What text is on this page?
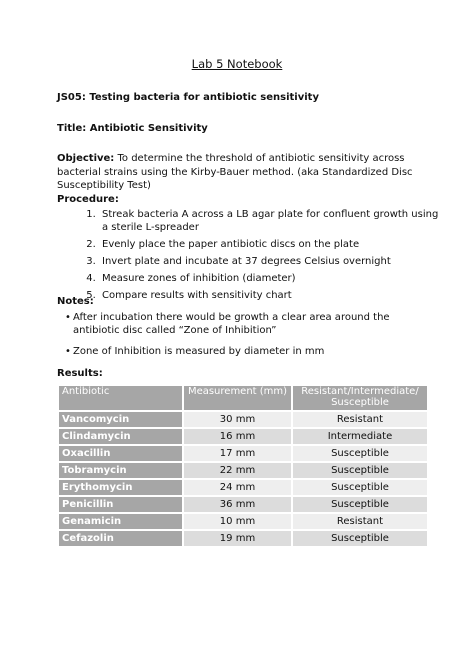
Lab 5 Notebook
JS05: Testing bacteria for antibiotic sensitivity
Title: Antibiotic Sensitivity
Objective: To determine the threshold of antibiotic sensitivity across bacterial strains using the Kirby-Bauer method. (aka Standardized Disc Susceptibility Test)
Procedure:
1. Streak bacteria A across a LB agar plate for confluent growth using a sterile L-spreader
2. Evenly place the paper antibiotic discs on the plate
3. Invert plate and incubate at 37 degrees Celsius overnight
4. Measure zones of inhibition (diameter)
5. Compare results with sensitivity chart
Notes:
• After incubation there would be growth a clear area around the antibiotic disc called “Zone of Inhibition”
• Zone of Inhibition is measured by diameter in mm
Results:
Antibiotic	Measurement (mm)	Resistant/Intermediate/ Susceptible
Vancomycin	30 mm	Resistant
Clindamycin	16 mm	Intermediate
Oxacillin	17 mm	Susceptible
Tobramycin	22 mm	Susceptible
Erythomycin	24 mm	Susceptible
Penicillin	36 mm	Susceptible
Genamicin	10 mm	Resistant
Cefazolin	19 mm	Susceptible
